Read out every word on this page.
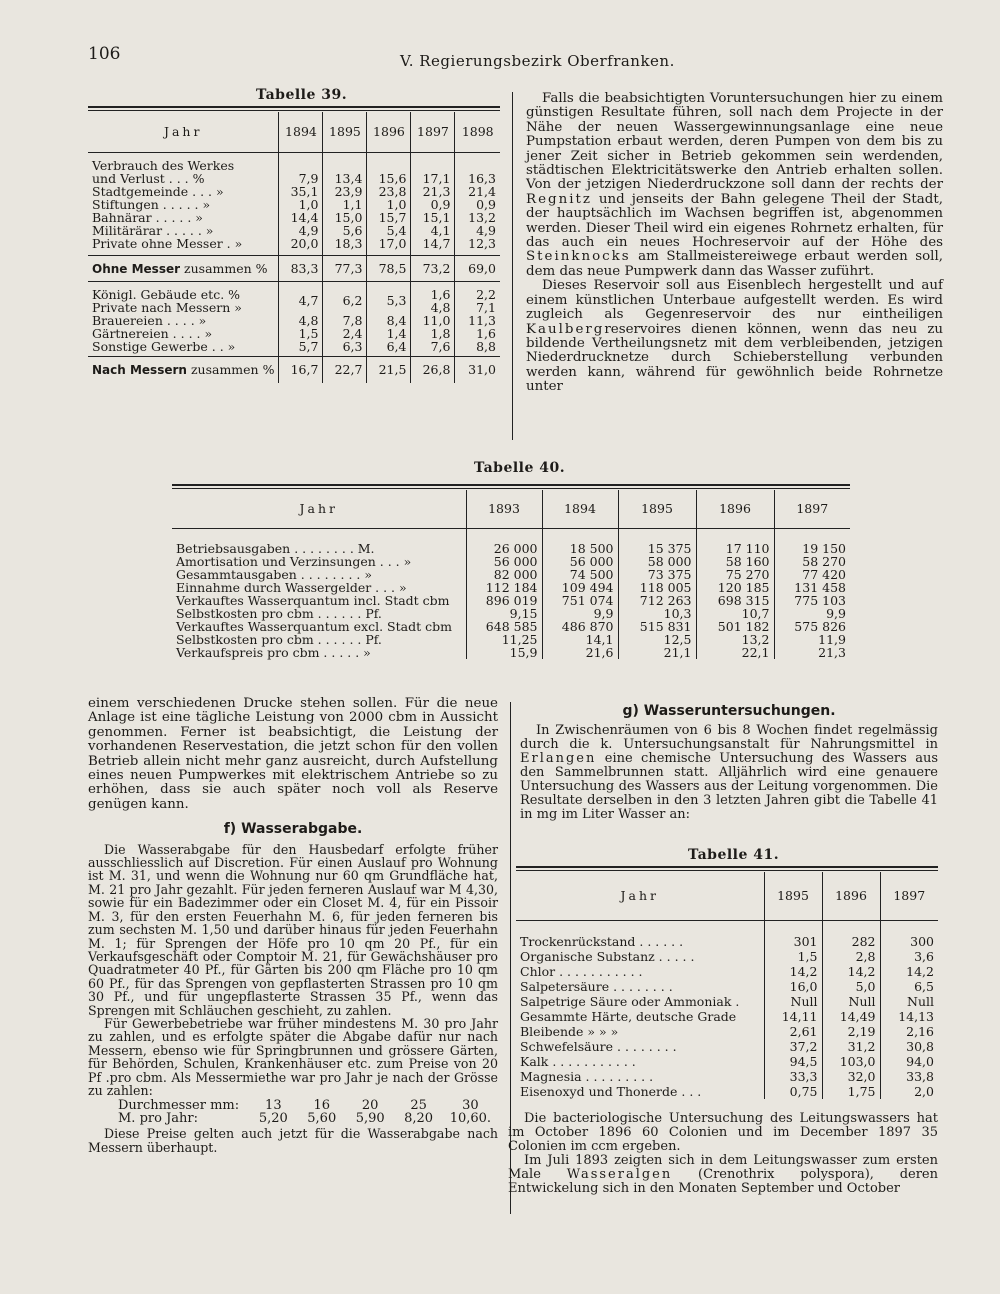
106	V. Regierungsbezirk Oberfranken.
Tabelle 39.
Jahr	1894	1895	1896	1897	1898
Verbrauch des Werkes					
und Verlust . . . %	7,9	13,4	15,6	17,1	16,3
Stadtgemeinde . . . »	35,1	23,9	23,8	21,3	21,4
Stiftungen . . . . . »	1,0	1,1	1,0	0,9	0,9
Bahnärar . . . . . »	14,4	15,0	15,7	15,1	13,2
Militärärar . . . . . »	4,9	5,6	5,4	4,1	4,9
Private ohne Messer . »	20,0	18,3	17,0	14,7	12,3

Ohne Messer zusammen %	83,3	77,3	78,5	73,2	69,0

Königl. Gebäude etc. %	4,7	6,2	5,3	1,6	2,2
Private nach Messern »				4,8	7,1
Brauereien . . . . »	4,8	7,8	8,4	11,0	11,3
Gärtnereien . . . . »	1,5	2,4	1,4	1,8	1,6
Sonstige Gewerbe . . »	5,7	6,3	6,4	7,6	8,8

Nach Messern zusammen %	16,7	22,7	21,5	26,8	31,0

Falls die beabsichtigten Voruntersuchungen hier zu einem günstigen Resultate führen, soll nach dem Projecte in der Nähe der neuen Wassergewinnungsanlage eine neue Pumpstation erbaut werden, deren Pumpen von dem bis zu jener Zeit sicher in Betrieb gekommen sein werdenden, städtischen Elektricitätswerke den Antrieb erhalten sollen. Von der jetzigen Niederdruckzone soll dann der rechts der Regnitz und jenseits der Bahn gelegene Theil der Stadt, der hauptsächlich im Wachsen begriffen ist, abgenommen werden. Dieser Theil wird ein eigenes Rohrnetz erhalten, für das auch ein neues Hochreservoir auf der Höhe des Steinknocks am Stallmeistereiwege erbaut werden soll, dem das neue Pumpwerk dann das Wasser zuführt.

Dieses Reservoir soll aus Eisenblech hergestellt und auf einem künstlichen Unterbaue aufgestellt werden. Es wird zugleich als Gegenreservoir des nur eintheiligen Kaulbergreservoires dienen können, wenn das neu zu bildende Vertheilungsnetz mit dem verbleibenden, jetzigen Niederdrucknetze durch Schieberstellung verbunden werden kann, während für gewöhnlich beide Rohrnetze unter

Tabelle 40.
Jahr	1893	1894	1895	1896	1897

Betriebsausgaben . . . . . . . . M.	26 000	18 500	15 375	17 110	19 150
Amortisation und Verzinsungen . . . »	56 000	56 000	58 000	58 160	58 270
Gesammtausgaben . . . . . . . . »	82 000	74 500	73 375	75 270	77 420
Einnahme durch Wassergelder . . . »	112 184	109 494	118 005	120 185	131 458
Verkauftes Wasserquantum incl. Stadt cbm	896 019	751 074	712 263	698 315	775 103
Selbstkosten pro cbm . . . . . . Pf.	9,15	9,9	10,3	10,7	9,9
Verkauftes Wasserquantum excl. Stadt cbm	648 585	486 870	515 831	501 182	575 826
Selbstkosten pro cbm . . . . . . Pf.	11,25	14,1	12,5	13,2	11,9
Verkaufspreis pro cbm . . . . . »	15,9	21,6	21,1	22,1	21,3

einem verschiedenen Drucke stehen sollen. Für die neue Anlage ist eine tägliche Leistung von 2000 cbm in Aussicht genommen. Ferner ist beabsichtigt, die Leistung der vorhandenen Reservestation, die jetzt schon für den vollen Betrieb allein nicht mehr ganz ausreicht, durch Aufstellung eines neuen Pumpwerkes mit elektrischem Antriebe so zu erhöhen, dass sie auch später noch voll als Reserve genügen kann.

f) Wasserabgabe.

Die Wasserabgabe für den Hausbedarf erfolgte früher ausschliesslich auf Discretion. Für einen Auslauf pro Wohnung ist M. 31, und wenn die Wohnung nur 60 qm Grundfläche hat, M. 21 pro Jahr gezahlt. Für jeden ferneren Auslauf war M 4,30, sowie für ein Badezimmer oder ein Closet M. 4, für ein Pissoir M. 3, für den ersten Feuerhahn M. 6, für jeden ferneren bis zum sechsten M. 1,50 und darüber hinaus für jeden Feuerhahn M. 1; für Sprengen der Höfe pro 10 qm 20 Pf., für ein Verkaufsgeschäft oder Comptoir M. 21, für Gewächshäuser pro Quadratmeter 40 Pf., für Gärten bis 200 qm Fläche pro 10 qm 60 Pf., für das Sprengen von gepflasterten Strassen pro 10 qm 30 Pf., und für ungepflasterte Strassen 35 Pf., wenn das Sprengen mit Schläuchen geschieht, zu zahlen.

Für Gewerbebetriebe war früher mindestens M. 30 pro Jahr zu zahlen, und es erfolgte später die Abgabe dafür nur nach Messern, ebenso wie für Springbrunnen und grössere Gärten, für Behörden, Schulen, Krankenhäuser etc. zum Preise von 20 Pf .pro cbm. Als Messermiethe war pro Jahr je nach der Grösse zu zahlen:

Durchmesser mm:	13	16	20	25	30
M. pro Jahr:	5,20	5,60	5,90	8,20	10,60.

Diese Preise gelten auch jetzt für die Wasserabgabe nach Messern überhaupt.

g) Wasseruntersuchungen.

In Zwischenräumen von 6 bis 8 Wochen findet regelmässig durch die k. Untersuchungsanstalt für Nahrungsmittel in Erlangen eine chemische Untersuchung des Wassers aus den Sammelbrunnen statt. Alljährlich wird eine genauere Untersuchung des Wassers aus der Leitung vorgenommen. Die Resultate derselben in den 3 letzten Jahren gibt die Tabelle 41 in mg im Liter Wasser an:

Tabelle 41.
Jahr	1895	1896	1897

Trockenrückstand . . . . . .	301	282	300
Organische Substanz . . . . .	1,5	2,8	3,6
Chlor . . . . . . . . . . .	14,2	14,2	14,2
Salpetersäure . . . . . . . .	16,0	5,0	6,5
Salpetrige Säure oder Ammoniak .	Null	Null	Null
Gesammte Härte, deutsche Grade	14,11	14,49	14,13
Bleibende » » »	2,61	2,19	2,16
Schwefelsäure . . . . . . . .	37,2	31,2	30,8
Kalk . . . . . . . . . . .	94,5	103,0	94,0
Magnesia . . . . . . . . .	33,3	32,0	33,8
Eisenoxyd und Thonerde . . .	0,75	1,75	2,0

Die bacteriologische Untersuchung des Leitungswassers hat im October 1896 60 Colonien und im December 1897 35 Colonien im ccm ergeben.

Im Juli 1893 zeigten sich in dem Leitungswasser zum ersten Male Wasseralgen (Crenothrix polyspora), deren Entwickelung sich in den Monaten September und October
